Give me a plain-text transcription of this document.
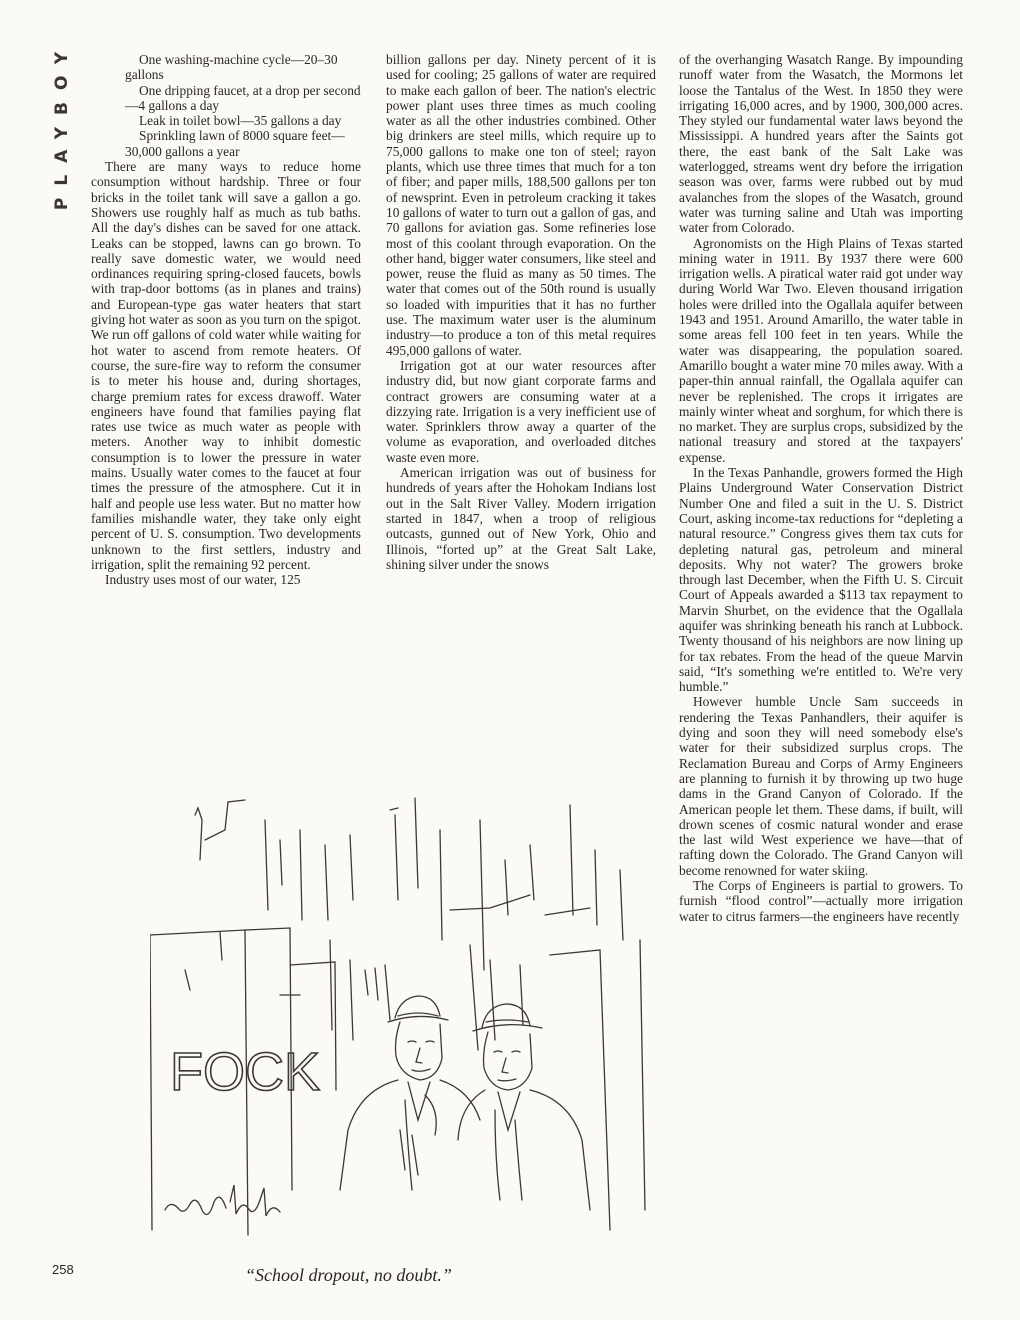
PLAYBOY	One washing-machine cycle—20–30 gallons

One dripping faucet, at a drop per second—4 gallons a day

Leak in toilet bowl—35 gallons a day

Sprinkling lawn of 8000 square feet—30,000 gallons a year

There are many ways to reduce home consumption without hardship. Three or four bricks in the toilet tank will save a gallon a go. Showers use roughly half as much as tub baths. All the day's dishes can be saved for one attack. Leaks can be stopped, lawns can go brown. To really save domestic water, we would need ordinances requiring spring-closed faucets, bowls with trap-door bottoms (as in planes and trains) and European-type gas water heaters that start giving hot water as soon as you turn on the spigot. We run off gallons of cold water while waiting for hot water to ascend from remote heaters. Of course, the sure-fire way to reform the consumer is to meter his house and, during shortages, charge premium rates for excess drawoff. Water engineers have found that families paying flat rates use twice as much water as people with meters. Another way to inhibit domestic consumption is to lower the pressure in water mains. Usually water comes to the faucet at four times the pressure of the atmosphere. Cut it in half and people use less water. But no matter how families mishandle water, they take only eight percent of U. S. consumption. Two developments unknown to the first settlers, industry and irrigation, split the remaining 92 percent.

Industry uses most of our water, 125

billion gallons per day. Ninety percent of it is used for cooling; 25 gallons of water are required to make each gallon of beer. The nation's electric power plant uses three times as much cooling water as all the other industries combined. Other big drinkers are steel mills, which require up to 75,000 gallons to make one ton of steel; rayon plants, which use three times that much for a ton of fiber; and paper mills, 188,500 gallons per ton of newsprint. Even in petroleum cracking it takes 10 gallons of water to turn out a gallon of gas, and 70 gallons for aviation gas. Some refineries lose most of this coolant through evaporation. On the other hand, bigger water consumers, like steel and power, reuse the fluid as many as 50 times. The water that comes out of the 50th round is usually so loaded with impurities that it has no further use. The maximum water user is the aluminum industry—to produce a ton of this metal requires 495,000 gallons of water.

Irrigation got at our water resources after industry did, but now giant corporate farms and contract growers are consuming water at a dizzying rate. Irrigation is a very inefficient use of water. Sprinklers throw away a quarter of the volume as evaporation, and overloaded ditches waste even more.

American irrigation was out of business for hundreds of years after the Hohokam Indians lost out in the Salt River Valley. Modern irrigation started in 1847, when a troop of religious outcasts, gunned out of New York, Ohio and Illinois, “forted up” at the Great Salt Lake, shining silver under the snows

of the overhanging Wasatch Range. By impounding runoff water from the Wasatch, the Mormons let loose the Tantalus of the West. In 1850 they were irrigating 16,000 acres, and by 1900, 300,000 acres. They styled our fundamental water laws beyond the Mississippi. A hundred years after the Saints got there, the east bank of the Salt Lake was waterlogged, streams went dry before the irrigation season was over, farms were rubbed out by mud avalanches from the slopes of the Wasatch, ground water was turning saline and Utah was importing water from Colorado.

Agronomists on the High Plains of Texas started mining water in 1911. By 1937 there were 600 irrigation wells. A piratical water raid got under way during World War Two. Eleven thousand irrigation holes were drilled into the Ogallala aquifer between 1943 and 1951. Around Amarillo, the water table in some areas fell 100 feet in ten years. While the water was disappearing, the population soared. Amarillo bought a water mine 70 miles away. With a paper-thin annual rainfall, the Ogallala aquifer can never be replenished. The crops it irrigates are mainly winter wheat and sorghum, for which there is no market. They are surplus crops, subsidized by the national treasury and stored at the taxpayers' expense.

In the Texas Panhandle, growers formed the High Plains Underground Water Conservation District Number One and filed a suit in the U. S. District Court, asking income-tax reductions for “depleting a natural resource.” Congress gives them tax cuts for depleting natural gas, petroleum and mineral deposits. Why not water? The growers broke through last December, when the Fifth U. S. Circuit Court of Appeals awarded a $113 tax repayment to Marvin Shurbet, on the evidence that the Ogallala aquifer was shrinking beneath his ranch at Lubbock. Twenty thousand of his neighbors are now lining up for tax rebates. From the head of the queue Marvin said, “It's something we're entitled to. We're very humble.”

However humble Uncle Sam succeeds in rendering the Texas Panhandlers, their aquifer is dying and soon they will need somebody else's water for their subsidized surplus crops. The Reclamation Bureau and Corps of Army Engineers are planning to furnish it by throwing up two huge dams in the Grand Canyon of Colorado. If the American people let them. These dams, if built, will drown scenes of cosmic natural wonder and erase the last wild West experience we have—that of rafting down the Colorado. The Grand Canyon will become renowned for water skiing.

The Corps of Engineers is partial to growers. To furnish “flood control”—actually more irrigation water to citrus farmers—the engineers have recently

FOCK
“School dropout, no doubt.”
258
